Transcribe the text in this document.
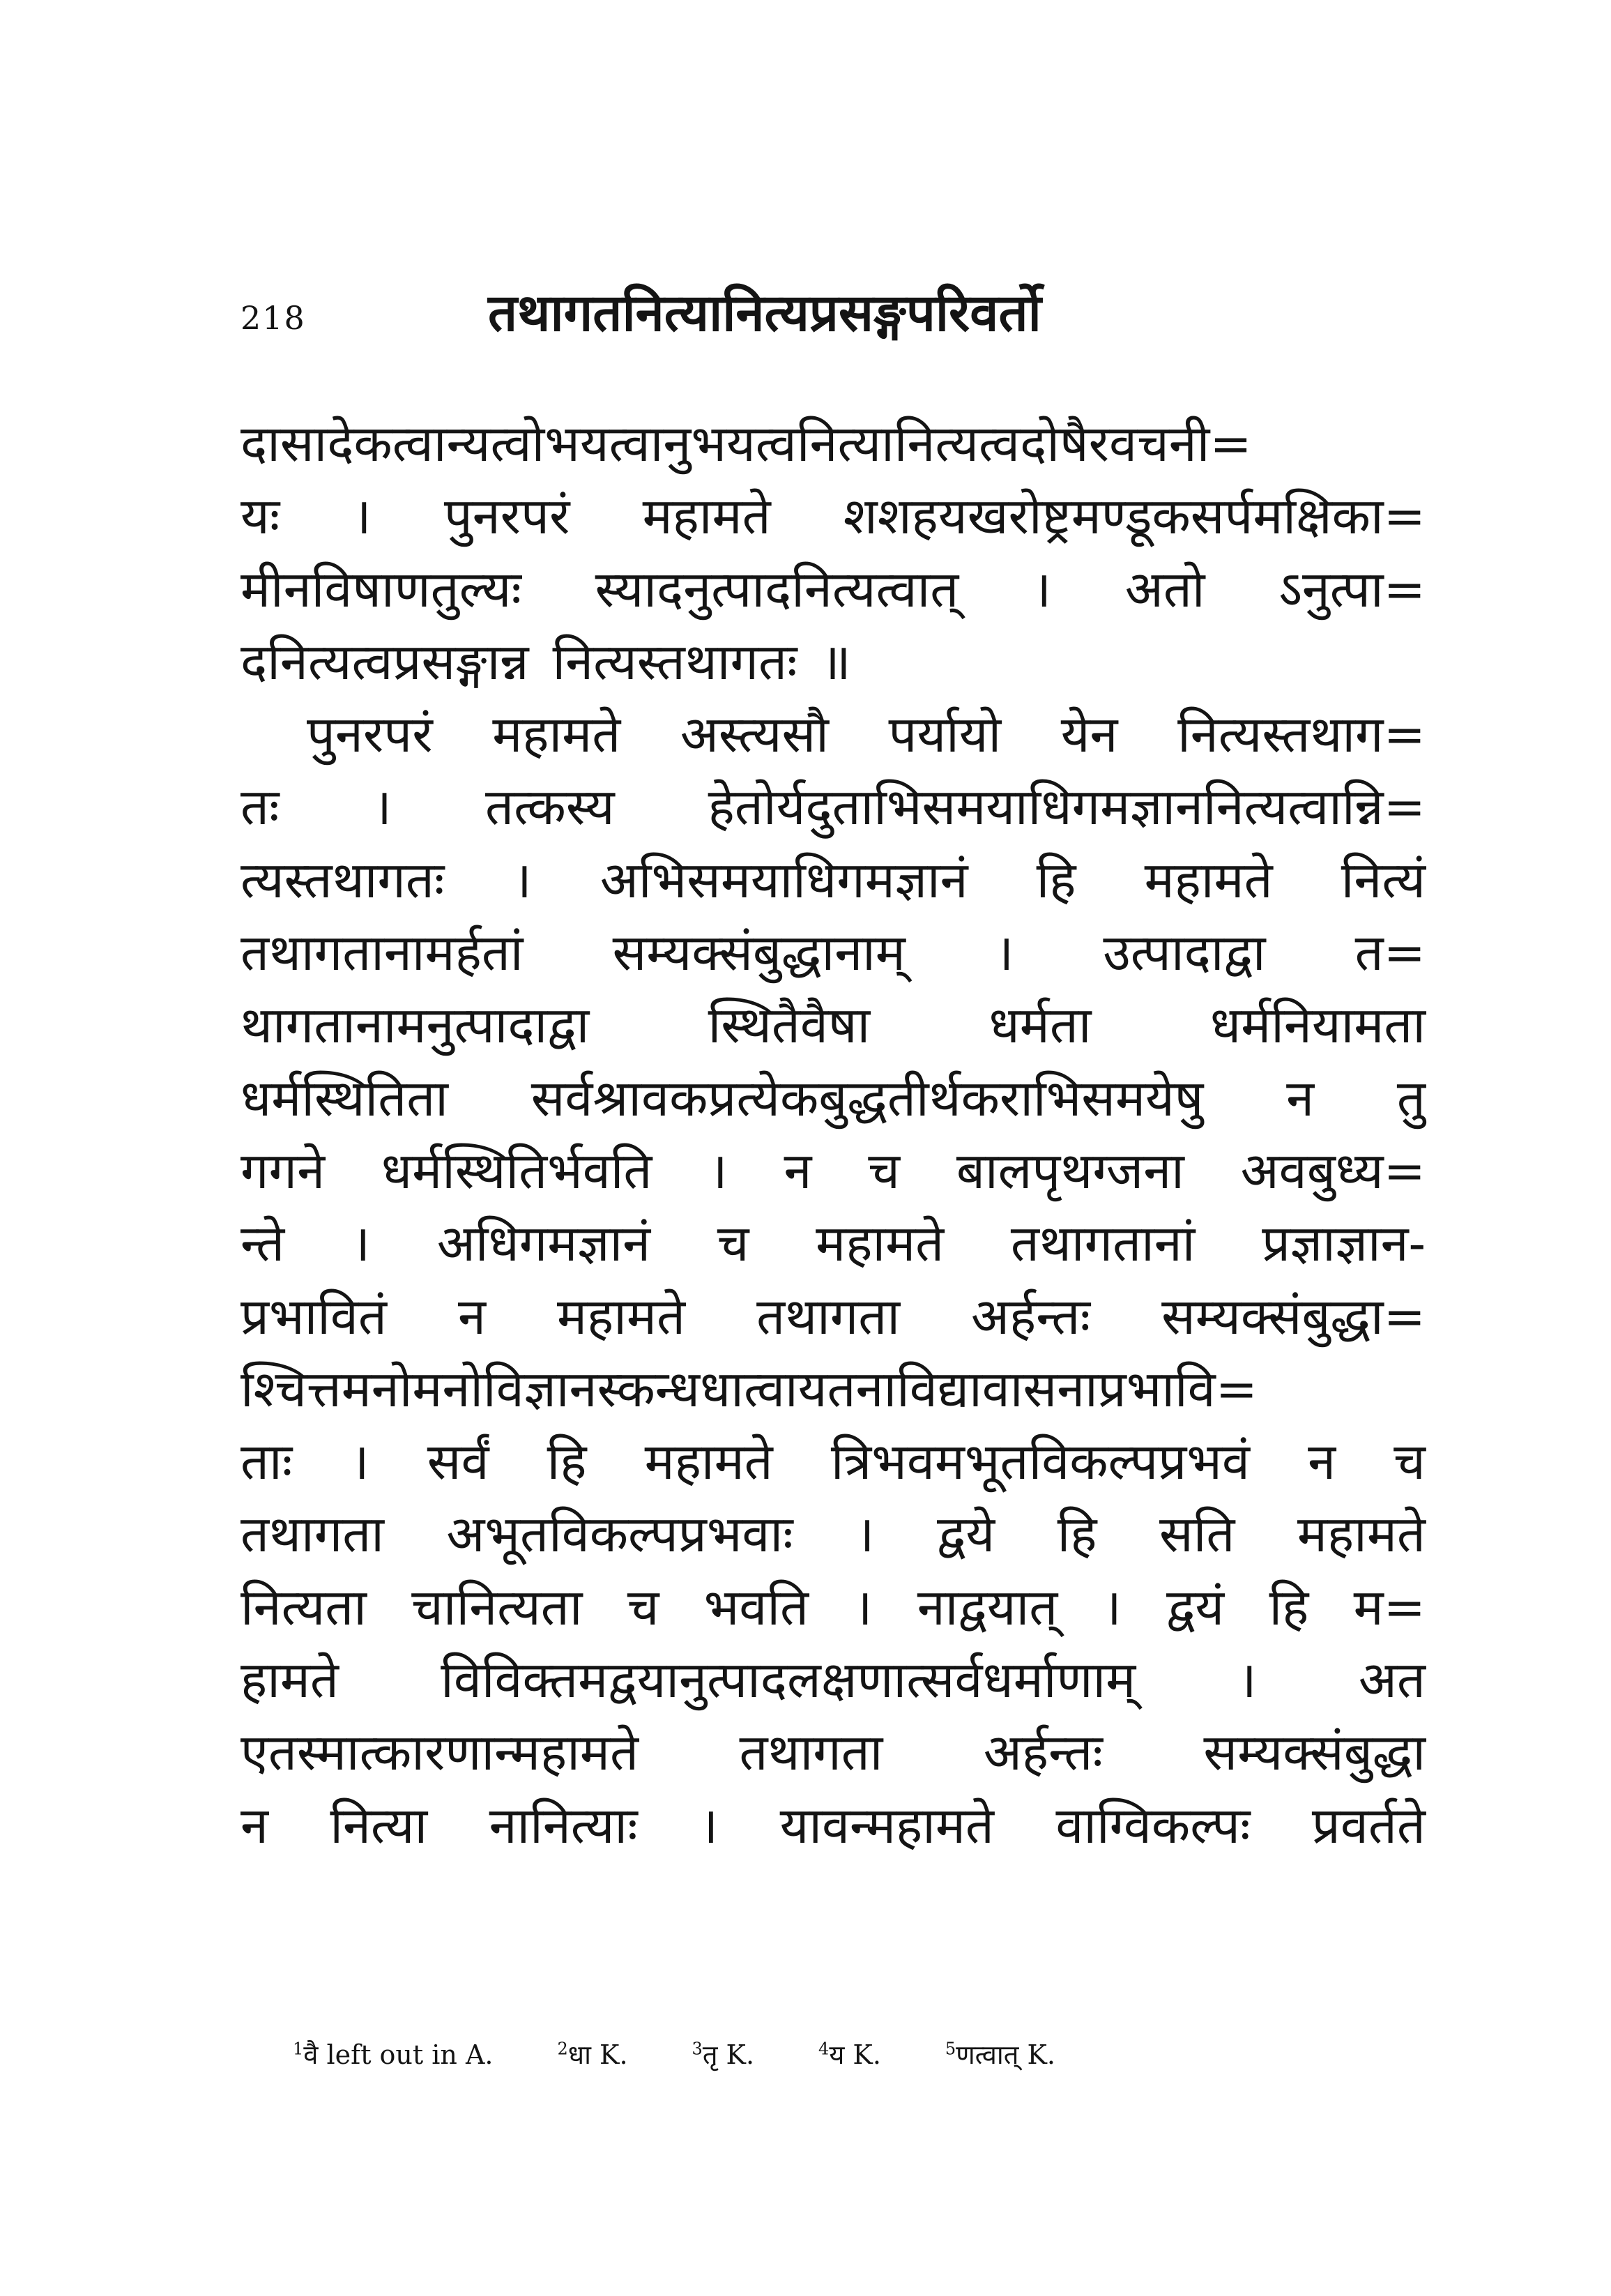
218	तथागतनित्यानित्यप्रसङ्गपरिवर्तो
दासादेकत्वान्यत्वोभयत्वानुभयत्वनित्यानित्यत्वदोषैरवचनी=
यः । पुनरपरं महामते शशहयखरोष्ट्रमण्डूकसर्पमक्षिका=
मीनविषाणतुल्यः स्यादनुत्पादनित्यत्वात् । अतो ऽनुत्पा=
दनित्यत्वप्रसङ्गान्न नित्यस्तथागतः ॥
पुनरपरं महामते अस्त्यसौ पर्यायो येन नित्यस्तथाग=
तः । तत्कस्य हेतोर्यदुताभिसमयाधिगमज्ञाननित्यत्वान्नि=
त्यस्तथागतः । अभिसमयाधिगमज्ञानं हि महामते नित्यं
तथागतानामर्हतां सम्यक्संबुद्धानाम् । उत्पादाद्वा त=
थागतानामनुत्पादाद्वा स्थितैवैषा धर्मता धर्मनियामता
धर्मस्थितिता सर्वश्रावकप्रत्येकबुद्धतीर्थकराभिसमयेषु न तु
गगने धर्मस्थितिर्भवति । न च बालपृथग्जना अवबुध्य=
न्ते । अधिगमज्ञानं च महामते तथागतानां प्रज्ञाज्ञान-
प्रभावितं न महामते तथागता अर्हन्तः सम्यक्संबुद्धा=
श्चित्तमनोमनोविज्ञानस्कन्धधात्वायतनाविद्यावासनाप्रभावि=
ताः । सर्वं हि महामते त्रिभवमभूतविकल्पप्रभवं न च
तथागता अभूतविकल्पप्रभवाः । द्वये हि सति महामते
नित्यता चानित्यता च भवति । नाद्वयात् । द्वयं हि म=
हामते विविक्तमद्वयानुत्पादलक्षणात्सर्वधर्माणाम् । अत
एतस्मात्कारणान्महामते तथागता अर्हन्तः सम्यक्संबुद्धा
न नित्या नानित्याः । यावन्महामते वाग्विकल्पः प्रवर्तते
$^1$वै left out in A.	$^2$धा K.	$^3$तृ K.	$^4$य K.	$^5$णत्वात् K.
